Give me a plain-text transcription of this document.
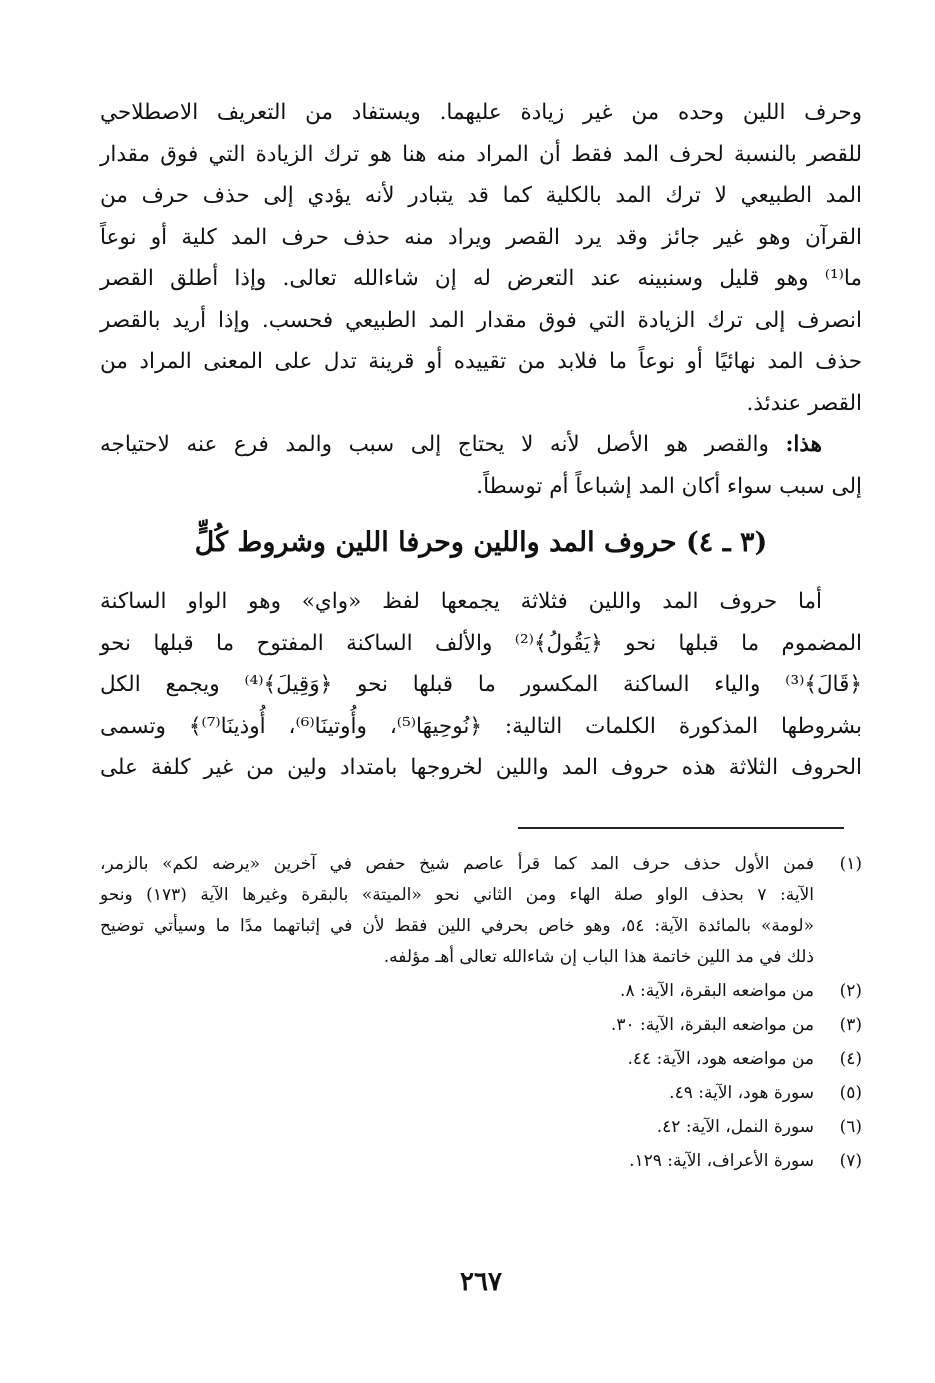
وحرف اللين وحده من غير زيادة عليهما. ويستفاد من التعريف الاصطلاحي
للقصر بالنسبة لحرف المد فقط أن المراد منه هنا هو ترك الزيادة التي فوق مقدار
المد الطبيعي لا ترك المد بالكلية كما قد يتبادر لأنه يؤدي إلى حذف حرف من
القرآن وهو غير جائز وقد يرد القصر ويراد منه حذف حرف المد كلية أو نوعاً
ما⁽¹⁾ وهو قليل وسنبينه عند التعرض له إن شاءالله تعالى. وإذا أطلق القصر
انصرف إلى ترك الزيادة التي فوق مقدار المد الطبيعي فحسب. وإذا أريد بالقصر
حذف المد نهائيًا أو نوعاً ما فلابد من تقييده أو قرينة تدل على المعنى المراد من
القصر عندئذ.

هذا: والقصر هو الأصل لأنه لا يحتاج إلى سبب والمد فرع عنه لاحتياجه
إلى سبب سواء أكان المد إشباعاً أم توسطاً.

(٣ ـ ٤) حروف المد واللين وحرفا اللين وشروط كُلٍّ

أما حروف المد واللين فثلاثة يجمعها لفظ «واي» وهو الواو الساكنة
المضموم ما قبلها نحو ﴿يَقُولُ﴾⁽²⁾ والألف الساكنة المفتوح ما قبلها نحو
﴿قَالَ﴾⁽³⁾ والياء الساكنة المكسور ما قبلها نحو ﴿وَقِيلَ﴾⁽⁴⁾ ويجمع الكل
بشروطها المذكورة الكلمات التالية: ﴿نُوحِيهَا⁽⁵⁾، وأُوتينَا⁽⁶⁾، أُوذينَا⁽⁷⁾﴾ وتسمى
الحروف الثلاثة هذه حروف المد واللين لخروجها بامتداد ولين من غير كلفة على

(١)
فمن الأول حذف حرف المد كما قرأ عاصم شيخ حفص في آخرين «يرضه لكم» بالزمر،
الآية: ٧ بحذف الواو صلة الهاء ومن الثاني نحو «الميتة» بالبقرة وغيرها الآية (١٧٣) ونحو
«لومة» بالمائدة الآية: ٥٤، وهو خاص بحرفي اللين فقط لأن في إثباتهما مدًا ما وسيأتي توضيح
ذلك في مد اللين خاتمة هذا الباب إن شاءالله تعالى أهـ مؤلفه.
(٢)
من مواضعه البقرة، الآية: ٨.
(٣)
من مواضعه البقرة، الآية: ٣٠.
(٤)
من مواضعه هود، الآية: ٤٤.
(٥)
سورة هود، الآية: ٤٩.
(٦)
سورة النمل، الآية: ٤٢.
(٧)
سورة الأعراف، الآية: ١٢٩.
٢٦٧
